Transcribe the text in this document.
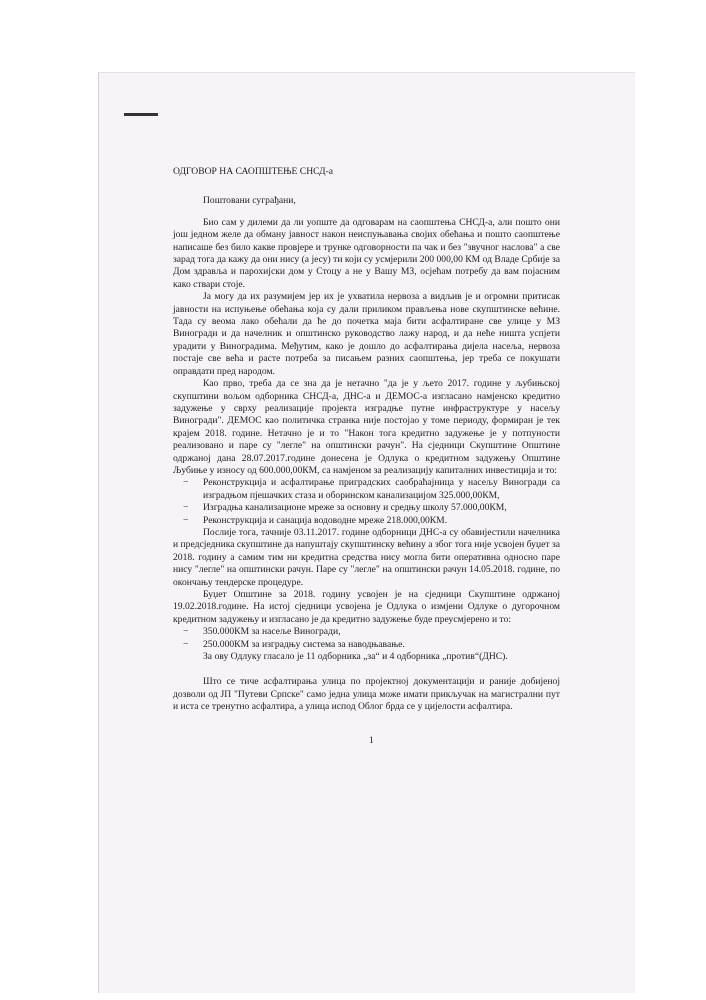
ОДГОВОР НА САОПШТЕЊЕ СНСД-а

Поштовани суграђани,

Био сам у дилеми да ли уопште да одговарам на саопштења СНСД-а, али пошто они још једном желе да обману јавност након неиспуњавања својих обећања и пошто саопштење написаше без било какве провјере и трунке одговорности па чак и без "звучног наслова" а све зарад тога да кажу да они нису (а јесу) ти који су усмјерили 200 000,00 КМ од Владе Србије за Дом здравља и парохијски дом у Стоцу а не у Вашу МЗ, осјећам потребу да вам појасним како ствари стоје.

Ја могу да их разумијем јер их је ухватила нервоза а видљив је и огромни притисак јавности на испуњење обећања која су дали приликом прављења нове скупштинске већине. Тада су веома лако обећали да ће до почетка маја бити асфалтиране све улице у МЗ Виногради и да начелник и општинско руководство лажу народ, и да неће ништа успјети урадити у Виноградима. Међутим, како је дошло до асфалтирања дијела насеља, нервоза постаје све већа и расте потреба за писањем разних саопштења, јер треба се покушати оправдати пред народом.

Као прво, треба да се зна да је нетачно "да је у љето 2017. године у љубињској скупштини вољом одборника СНСД-а, ДНС-а и ДЕМОС-а изгласано намјенско кредитно задужење у сврху реализације пројекта изградње путне инфраструктуре у насељу Виногради". ДЕМОС као политичка странка није постојао у томе периоду, формиран је тек крајем 2018. године. Нетачно је и то "Након тога кредитно задужење је у потпуности реализовано и паре су "легле" на општински рачун". На сједници Скупштине Општине одржаној дана 28.07.2017.године донесена је Одлука о кредитном задужењу Општине Љубиње у износу од 600.000,00КМ, са намјеном за реализацију капиталних инвестиција и то:

− Реконструкција и асфалтирање приградских саобраћајница у насељу Виногради са изградњом пјешачких стаза и оборинском канализацијом 325.000,00КМ,
− Изградња канализационе мреже за основну и средњу школу 57.000,00КМ,
− Реконструкција и санација водоводне мреже 218.000,00КМ.

Послије тога, тачније 03.11.2017. године одборници ДНС-а су обавијестили начелника и предсједника скупштине да напуштају скупштинску већину а због тога није усвојен буџет за 2018. годину а самим тим ни кредитна средства нису могла бити оперативна односно паре нису "легле" на општински рачун. Паре су "легле" на општински рачун 14.05.2018. године, по окончању тендерске процедуре.

Буџет Општине за 2018. годину усвојен је на сједници Скупштине одржаној 19.02.2018.године. На истој сједници усвојена је Одлука о измјени Одлуке о дугорочном кредитном задужењу и изгласано је да кредитно задужење буде преусмјерено и то:

− 350.000КМ за насеље Виногради,
− 250.000КМ за изградњу система за наводњавање.

За ову Одлуку гласало је 11 одборника „за“ и 4 одборника „против“(ДНС).

Што се тиче асфалтирања улица по пројектној документацији и раније добијеној дозволи од ЈП "Путеви Српске" само једна улица може имати прикључак на магистрални пут и иста се тренутно асфалтира, а улица испод Облог брда се у цијелости асфалтира.

1
